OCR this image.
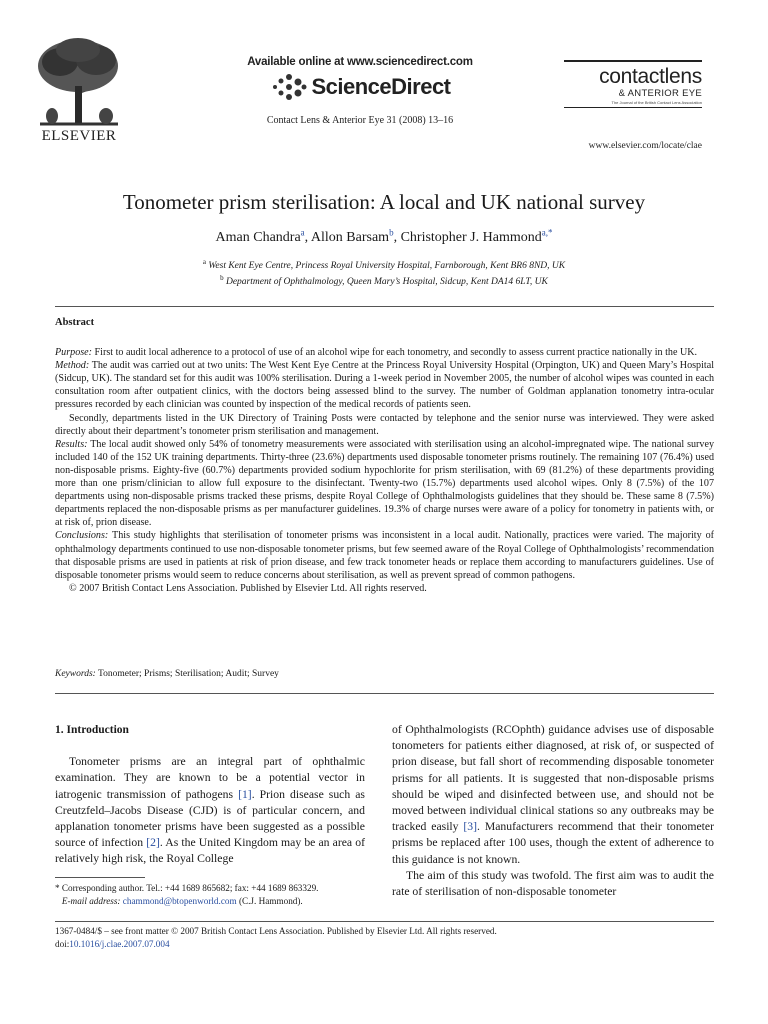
ELSEVIER
Available online at www.sciencedirect.com
ScienceDirect
Contact Lens & Anterior Eye 31 (2008) 13–16
contactlens
& ANTERIOR EYE
The Journal of the British Contact Lens Association
www.elsevier.com/locate/clae
Tonometer prism sterilisation: A local and UK national survey
Aman Chandra$^a$, Allon Barsam$^b$, Christopher J. Hammond$^{a,*}$
$^a$ West Kent Eye Centre, Princess Royal University Hospital, Farnborough, Kent BR6 8ND, UK
$^b$ Department of Ophthalmology, Queen Mary’s Hospital, Sidcup, Kent DA14 6LT, UK
Abstract

Purpose: First to audit local adherence to a protocol of use of an alcohol wipe for each tonometry, and secondly to assess current practice nationally in the UK.

Method: The audit was carried out at two units: The West Kent Eye Centre at the Princess Royal University Hospital (Orpington, UK) and Queen Mary’s Hospital (Sidcup, UK). The standard set for this audit was 100% sterilisation. During a 1-week period in November 2005, the number of alcohol wipes was counted in each consultation room after outpatient clinics, with the doctors being assessed blind to the survey. The number of Goldman applanation tonometry intra-ocular pressures recorded by each clinician was counted by inspection of the medical records of patients seen.

Secondly, departments listed in the UK Directory of Training Posts were contacted by telephone and the senior nurse was interviewed. They were asked directly about their department’s tonometer prism sterilisation and management.

Results: The local audit showed only 54% of tonometry measurements were associated with sterilisation using an alcohol-impregnated wipe. The national survey included 140 of the 152 UK training departments. Thirty-three (23.6%) departments used disposable tonometer prisms routinely. The remaining 107 (76.4%) used non-disposable prisms. Eighty-five (60.7%) departments provided sodium hypochlorite for prism sterilisation, with 69 (81.2%) of these departments providing more than one prism/clinician to allow full exposure to the disinfectant. Twenty-two (15.7%) departments used alcohol wipes. Only 8 (7.5%) of the 107 departments using non-disposable prisms tracked these prisms, despite Royal College of Ophthalmologists guidelines that they should be. These same 8 (7.5%) departments replaced the non-disposable prisms as per manufacturer guidelines. 19.3% of charge nurses were aware of a policy for tonometry in patients with, or at risk of, prion disease.

Conclusions: This study highlights that sterilisation of tonometer prisms was inconsistent in a local audit. Nationally, practices were varied. The majority of ophthalmology departments continued to use non-disposable tonometer prisms, but few seemed aware of the Royal College of Ophthalmologists’ recommendation that disposable prisms are used in patients at risk of prion disease, and few track tonometer heads or replace them according to manufacturers guidelines. Use of disposable tonometer prisms would seem to reduce concerns about sterilisation, as well as prevent spread of common pathogens.

© 2007 British Contact Lens Association. Published by Elsevier Ltd. All rights reserved.

Keywords: Tonometer; Prisms; Sterilisation; Audit; Survey
1. Introduction

Tonometer prisms are an integral part of ophthalmic examination. They are known to be a potential vector in iatrogenic transmission of pathogens [1]. Prion disease such as Creutzfeld–Jacobs Disease (CJD) is of particular concern, and applanation tonometer prisms have been suggested as a possible source of infection [2]. As the United Kingdom may be an area of relatively high risk, the Royal College

* Corresponding author. Tel.: +44 1689 865682; fax: +44 1689 863329.
E-mail address: chammond@btopenworld.com (C.J. Hammond).

of Ophthalmologists (RCOphth) guidance advises use of disposable tonometers for patients either diagnosed, at risk of, or suspected of prion disease, but fall short of recommending disposable tonometer prisms for all patients. It is suggested that non-disposable prisms should be wiped and disinfected between use, and should not be moved between individual clinical stations so any outbreaks may be tracked easily [3]. Manufacturers recommend that their tonometer prisms be replaced after 100 uses, though the extent of adherence to this guidance is not known.

The aim of this study was twofold. The first aim was to audit the rate of sterilisation of non-disposable tonometer

1367-0484/$ – see front matter © 2007 British Contact Lens Association. Published by Elsevier Ltd. All rights reserved.
doi:10.1016/j.clae.2007.07.004
